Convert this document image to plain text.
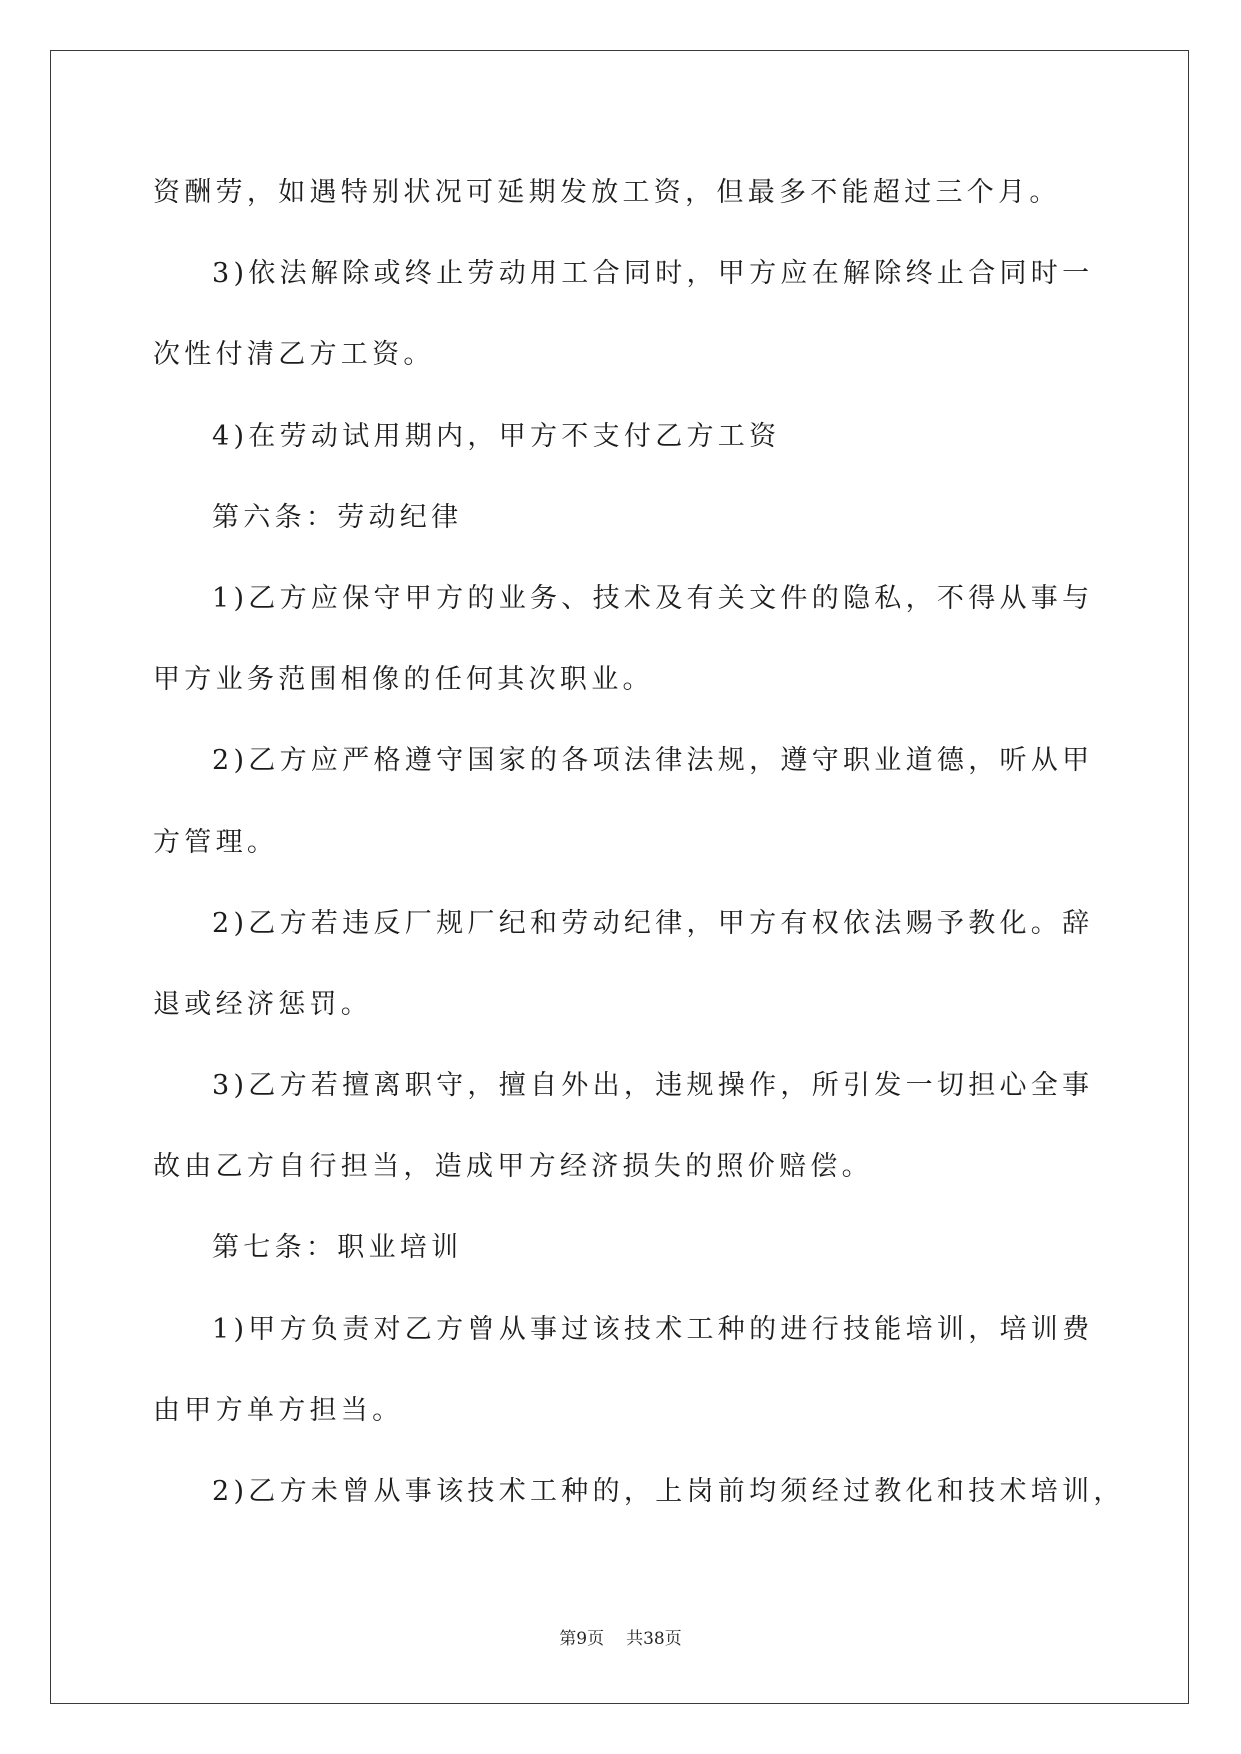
资酬劳，如遇特别状况可延期发放工资，但最多不能超过三个月。
3)依法解除或终止劳动用工合同时，甲方应在解除终止合同时一
次性付清乙方工资。
4)在劳动试用期内，甲方不支付乙方工资
第六条：劳动纪律
1)乙方应保守甲方的业务、技术及有关文件的隐私，不得从事与
甲方业务范围相像的任何其次职业。
2)乙方应严格遵守国家的各项法律法规，遵守职业道德，听从甲
方管理。
2)乙方若违反厂规厂纪和劳动纪律，甲方有权依法赐予教化。辞
退或经济惩罚。
3)乙方若擅离职守，擅自外出，违规操作，所引发一切担心全事
故由乙方自行担当，造成甲方经济损失的照价赔偿。
第七条：职业培训
1)甲方负责对乙方曾从事过该技术工种的进行技能培训，培训费
由甲方单方担当。
2)乙方未曾从事该技术工种的，上岗前均须经过教化和技术培训，
第9页 共38页
